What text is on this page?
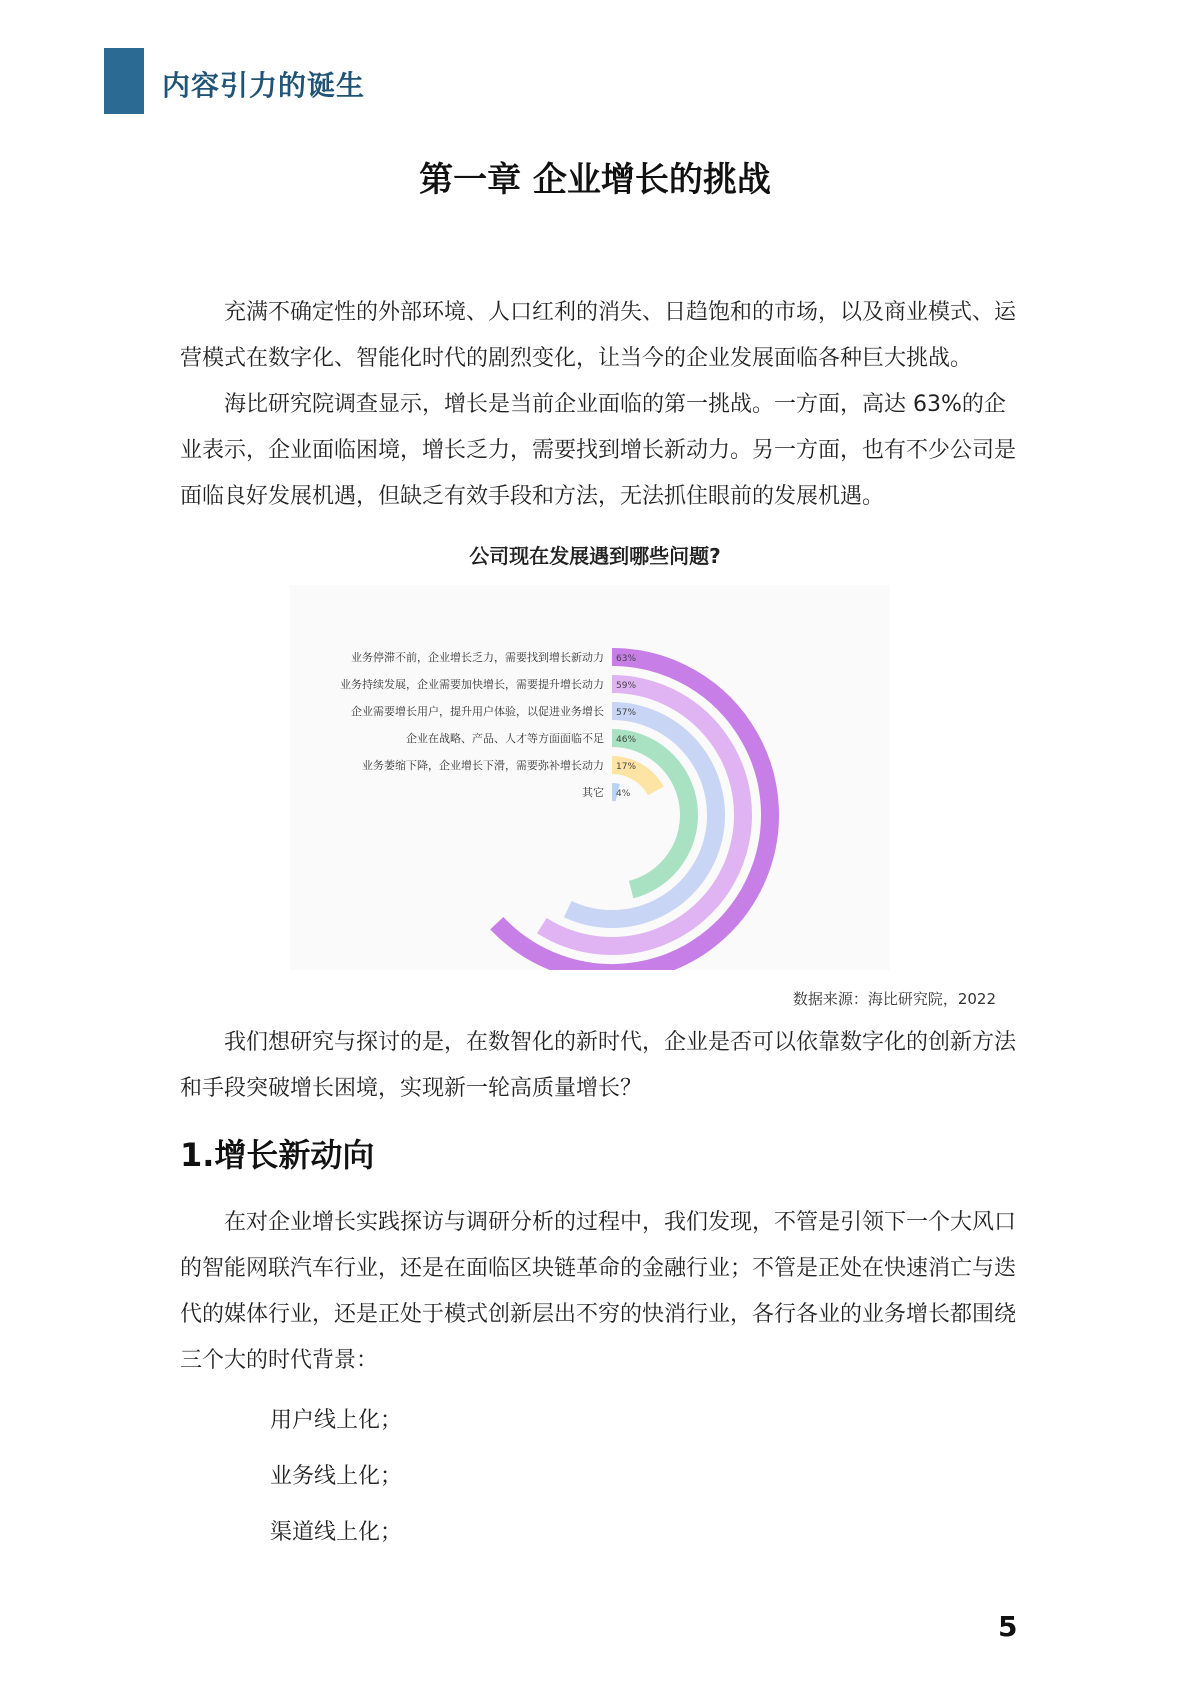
内容引力的诞生
第一章 企业增长的挑战

充满不确定性的外部环境、人口红利的消失、日趋饱和的市场，以及商业模式、运营模式在数字化、智能化时代的剧烈变化，让当今的企业发展面临各种巨大挑战。

海比研究院调查显示，增长是当前企业面临的第一挑战。一方面，高达 63%的企业表示，企业面临困境，增长乏力，需要找到增长新动力。另一方面，也有不少公司是面临良好发展机遇，但缺乏有效手段和方法，无法抓住眼前的发展机遇。

公司现在发展遇到哪些问题?
业务停滞不前，企业增长乏力，需要找到增长新动力 63%
业务持续发展，企业需要加快增长，需要提升增长动力 59%
企业需要增长用户，提升用户体验，以促进业务增长 57%
企业在战略、产品、人才等方面面临不足 46%
业务萎缩下降，企业增长下滑，需要弥补增长动力 17%
其它 4%
数据来源：海比研究院，2022

我们想研究与探讨的是，在数智化的新时代，企业是否可以依靠数字化的创新方法和手段突破增长困境，实现新一轮高质量增长？

1.增长新动向

在对企业增长实践探访与调研分析的过程中，我们发现，不管是引领下一个大风口的智能网联汽车行业，还是在面临区块链革命的金融行业；不管是正处在快速消亡与迭代的媒体行业，还是正处于模式创新层出不穷的快消行业，各行各业的业务增长都围绕三个大的时代背景：

用户线上化；
业务线上化；
渠道线上化；
5
